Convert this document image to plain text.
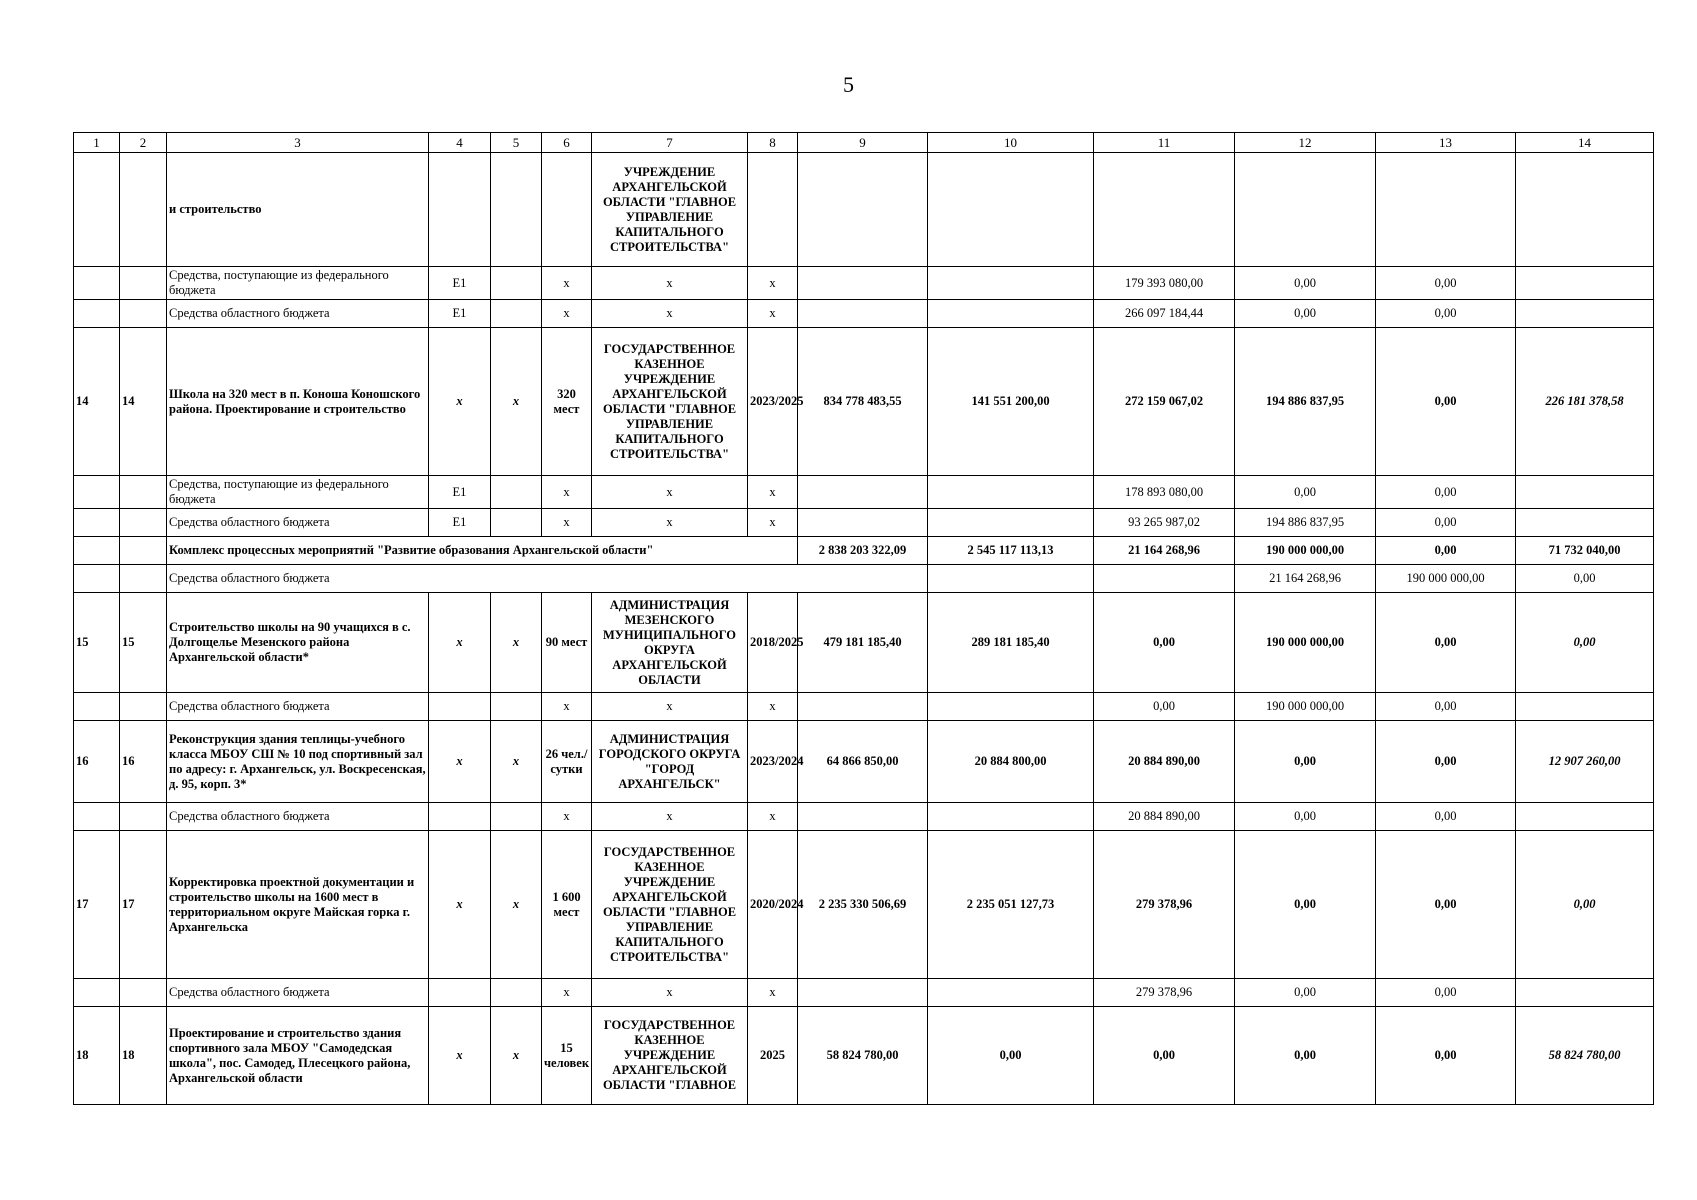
5
1	2	3	4	5	6	7	8	9	10	11	12	13	14	
		и строительство				УЧРЕЖДЕНИЕ АРХАНГЕЛЬСКОЙ ОБЛАСТИ "ГЛАВНОЕ УПРАВЛЕНИЕ КАПИТАЛЬНОГО СТРОИТЕЛЬСТВА"								
		Средства, поступающие из федерального бюджета	E1		x	x	x			179 393 080,00	0,00	0,00		
		Средства областного бюджета	E1		x	x	x			266 097 184,44	0,00	0,00		
14	14	Школа на 320 мест в п. Коноша Коношского района. Проектирование и строительство	x	x	320 мест	ГОСУДАРСТВЕННОЕ КАЗЕННОЕ УЧРЕЖДЕНИЕ АРХАНГЕЛЬСКОЙ ОБЛАСТИ "ГЛАВНОЕ УПРАВЛЕНИЕ КАПИТАЛЬНОГО СТРОИТЕЛЬСТВА"	2023/2025	834 778 483,55	141 551 200,00	272 159 067,02	194 886 837,95	0,00	226 181 378,58	
		Средства, поступающие из федерального бюджета	E1		x	x	x			178 893 080,00	0,00	0,00		
		Средства областного бюджета	E1		x	x	x			93 265 987,02	194 886 837,95	0,00		
		Комплекс процессных мероприятий "Развитие образования Архангельской области"						2 838 203 322,09	2 545 117 113,13	21 164 268,96	190 000 000,00	0,00	71 732 040,00	
		Средства областного бюджета									21 164 268,96	190 000 000,00	0,00	
15	15	Строительство школы на 90 учащихся в с. Долгощелье Мезенского района Архангельской области*	x	x	90 мест	АДМИНИСТРАЦИЯ МЕЗЕНСКОГО МУНИЦИПАЛЬНОГО ОКРУГА АРХАНГЕЛЬСКОЙ ОБЛАСТИ	2018/2025	479 181 185,40	289 181 185,40	0,00	190 000 000,00	0,00	0,00	
		Средства областного бюджета			x	x	x			0,00	190 000 000,00	0,00		
16	16	Реконструкция здания теплицы-учебного класса МБОУ СШ № 10 под спортивный зал по адресу: г. Архангельск, ул. Воскресенская, д. 95, корп. 3*	x	x	26 чел./сутки	АДМИНИСТРАЦИЯ ГОРОДСКОГО ОКРУГА "ГОРОД АРХАНГЕЛЬСК"	2023/2024	64 866 850,00	20 884 800,00	20 884 890,00	0,00	0,00	12 907 260,00	
		Средства областного бюджета			x	x	x			20 884 890,00	0,00	0,00		
17	17	Корректировка проектной документации и строительство школы на 1600 мест в территориальном округе Майская горка г. Архангельска	x	x	1 600 мест	ГОСУДАРСТВЕННОЕ КАЗЕННОЕ УЧРЕЖДЕНИЕ АРХАНГЕЛЬСКОЙ ОБЛАСТИ "ГЛАВНОЕ УПРАВЛЕНИЕ КАПИТАЛЬНОГО СТРОИТЕЛЬСТВА"	2020/2024	2 235 330 506,69	2 235 051 127,73	279 378,96	0,00	0,00	0,00	
		Средства областного бюджета			x	x	x			279 378,96	0,00	0,00		
18	18	Проектирование и строительство здания спортивного зала МБОУ "Самодедская школа", пос. Самодед, Плесецкого района, Архангельской области	x	x	15 человек	ГОСУДАРСТВЕННОЕ КАЗЕННОЕ УЧРЕЖДЕНИЕ АРХАНГЕЛЬСКОЙ ОБЛАСТИ "ГЛАВНОЕ	2025	58 824 780,00	0,00	0,00	0,00	0,00	58 824 780,00	
